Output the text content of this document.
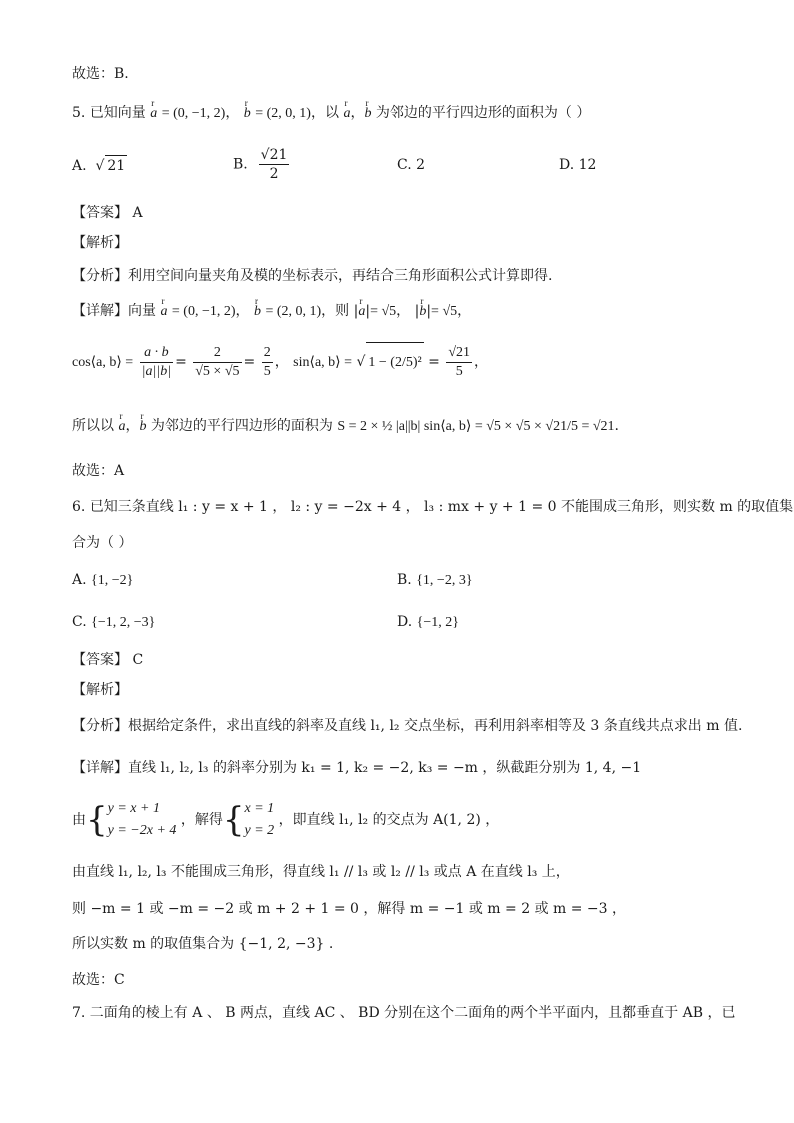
故选：B.
5. 已知向量 r a = (0, −1, 2)， r b = (2, 0, 1)，以 r a，r b 为邻边的平行四边形的面积为（ ）
A. √ 21	B. $\frac{√21}{2}$	C. 2	D. 12
【答案】 A
【解析】
【分析】利用空间向量夹角及模的坐标表示，再结合三角形面积公式计算即得.
【详解】向量 r a = (0, −1, 2)， r b = (2, 0, 1)，则 |r a|= √5， |r b|= √5，
cos⟨a, b⟩ = $\frac{a \cdot b}{|a||b|} = \frac{2}{√5 \times √5} = \frac{2}{5}$ ， sin⟨a, b⟩ = √ $1 - (2/5)^2 = \frac{√21}{5}$ ，
所以以 r a，r b 为邻边的平行四边形的面积为 S = 2 × ½ |a||b| sin⟨a, b⟩ = √5 × √5 × √21/5 = √21.
故选：A
6. 已知三条直线 l₁ : y = x + 1 ， l₂ : y = −2x + 4 ， l₃ : mx + y + 1 = 0 不能围成三角形，则实数 m 的取值集
合为（ ）
A. {1, −2}	B. {1, −2, 3}
C. {−1, 2, −3}	D. {−1, 2}
【答案】 C
【解析】
【分析】根据给定条件，求出直线的斜率及直线 l₁, l₂ 交点坐标，再利用斜率相等及 3 条直线共点求出 m 值.
【详解】直线 l₁, l₂, l₃ 的斜率分别为 k₁ = 1, k₂ = −2, k₃ = −m ，纵截距分别为 1, 4, −1
由{ y = x + 1
y = −2x + 4
，解得{ x = 1
y = 2
，即直线 l₁, l₂ 的交点为 A(1, 2) ，
由直线 l₁, l₂, l₃ 不能围成三角形，得直线 l₁ // l₃ 或 l₂ // l₃ 或点 A 在直线 l₃ 上，
则 −m = 1 或 −m = −2 或 m + 2 + 1 = 0 ，解得 m = −1 或 m = 2 或 m = −3 ，
所以实数 m 的取值集合为 {−1, 2, −3} .
故选：C
7. 二面角的棱上有 A 、 B 两点，直线 AC 、 BD 分别在这个二面角的两个半平面内，且都垂直于 AB ，已
